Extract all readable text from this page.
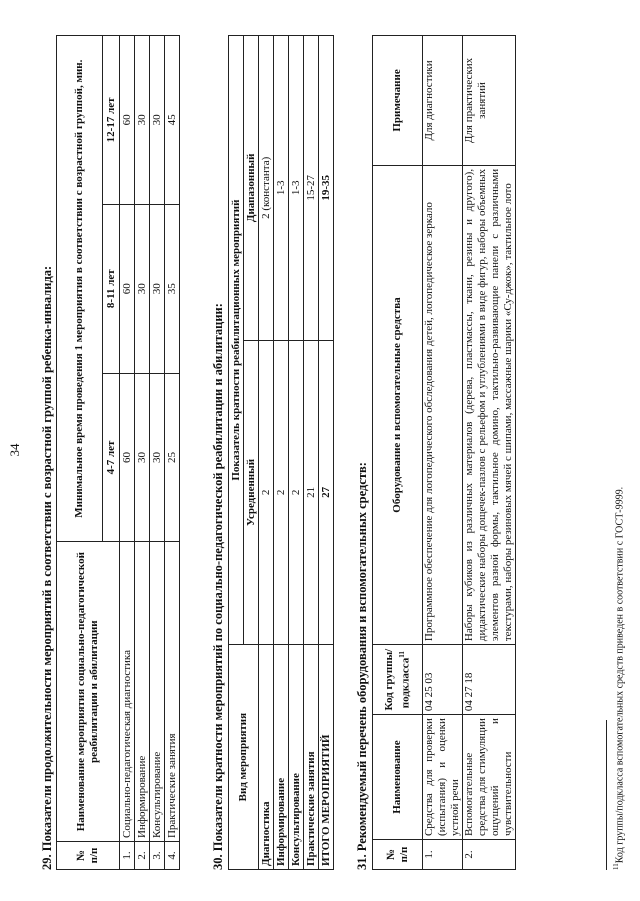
34 29. Показатели продолжительности мероприятий в соответствии с возрастной группой ребенка-инвалида: № п/п	Наименование мероприятия социально-педагогической реабилитации и абилитации	Минимальное время проведения 1 мероприятия в соответствии с возрастной группой, мин.		
		4-7 лет	8-11 лет	12-17 лет
1.	Социально-педагогическая диагностика	60	60	60
2.	Информирование	30	30	30
3.	Консультирование	30	30	30
4.	Практические занятия	25	35	45
30. Показатели кратности мероприятий по социально-педагогической реабилитации и абилитации: Вид мероприятия	Показатель кратности реабилитационных мероприятий	
	Усредненный	Диапазонный
Диагностика	2	2 (константа)
Информирование	2	1-3
Консультирование	2	1-3
Практические занятия	21	15-27
ИТОГО МЕРОПРИЯТИЙ	27	19-35
31. Рекомендуемый перечень оборудования и вспомогательных средств: № п/п	Наименование	Код группы/подкласса$^{11}$	Оборудование и вспомогательные средства	Примечание
1.	Средства для проверки (испытания) и оценки устной речи	04 25 03	Программное обеспечение для логопедического обследования детей, логопедическое зеркало	Для диагностики
2.	Вспомогательные средства для стимуляции ощущений и чувствительности	04 27 18	Наборы кубиков из различных материалов (дерева, пластмассы, ткани, резины и другого), дидактические наборы дощечек-пазлов с рельефом и углублениями в виде фигур, наборы объемных элементов разной формы, тактильное домино, тактильно-развивающие панели с различными текстурами, наборы резиновых мячей с шипами, массажные шарики «Су-джок», тактильное лото	Для практических занятий
$^{11}$Код группы/подкласса вспомогательных средств приведен в соответствии с ГОСТ-9999.
